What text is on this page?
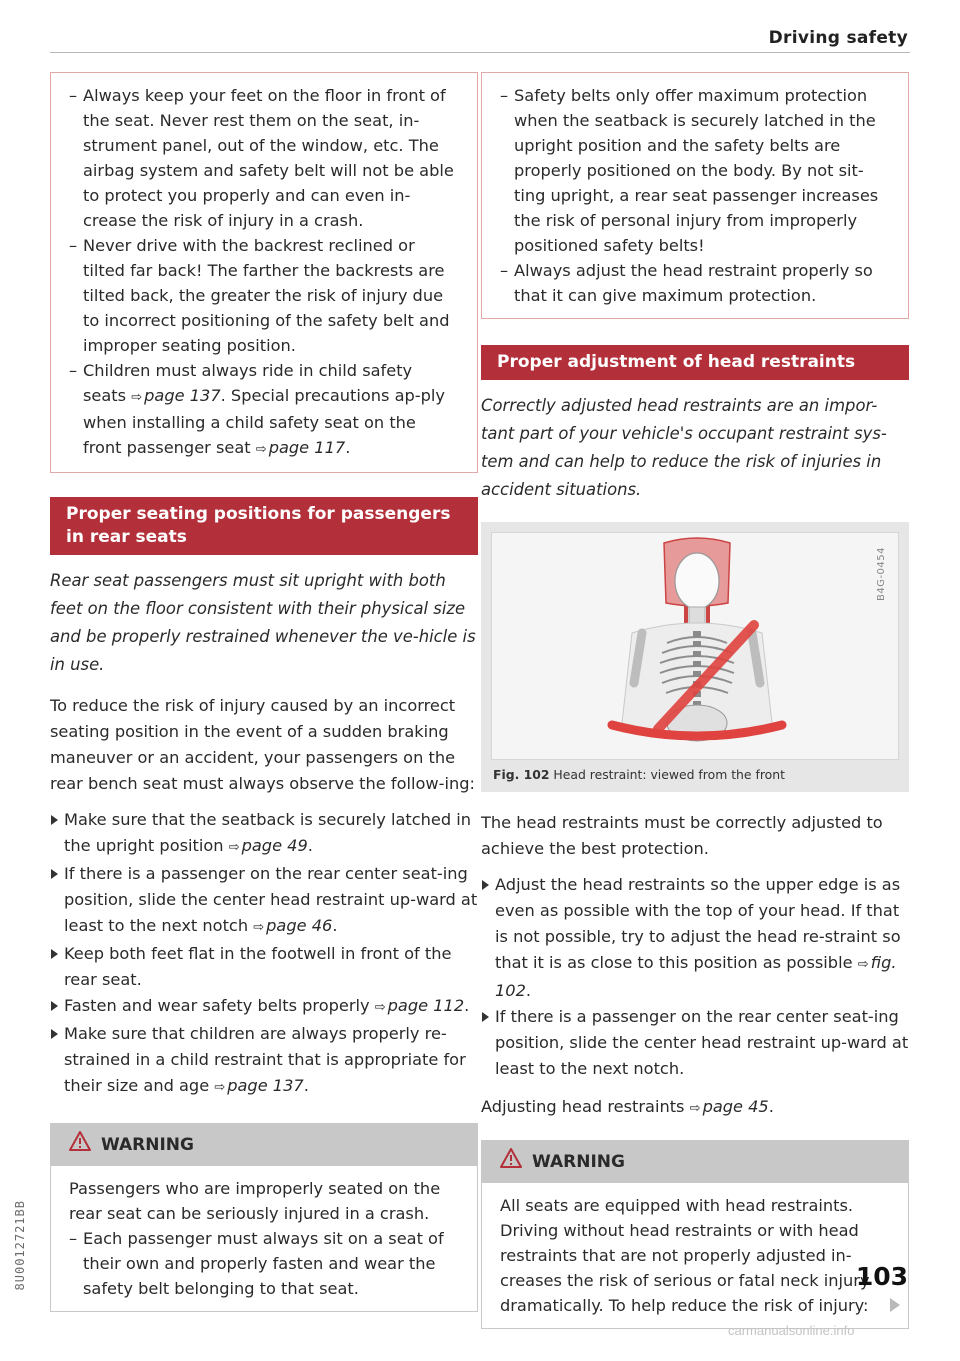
Driving safety
– Always keep your feet on the floor in front of the seat. Never rest them on the seat, in-strument panel, out of the window, etc. The airbag system and safety belt will not be able to protect you properly and can even in-crease the risk of injury in a crash.
– Never drive with the backrest reclined or tilted far back! The farther the backrests are tilted back, the greater the risk of injury due to incorrect positioning of the safety belt and improper seating position.
– Children must always ride in child safety seats ⇨ page 137. Special precautions ap-ply when installing a child safety seat on the front passenger seat ⇨ page 117.
Proper seating positions for passengers in rear seats

Rear seat passengers must sit upright with both feet on the floor consistent with their physical size and be properly restrained whenever the ve-hicle is in use.

To reduce the risk of injury caused by an incorrect seating position in the event of a sudden braking maneuver or an accident, your passengers on the rear bench seat must always observe the follow-ing:

Make sure that the seatback is securely latched in the upright position ⇨ page 49.
If there is a passenger on the rear center seat-ing position, slide the center head restraint up-ward at least to the next notch ⇨ page 46.
Keep both feet flat in the footwell in front of the rear seat.
Fasten and wear safety belts properly ⇨ page 112.
Make sure that children are always properly re-strained in a child restraint that is appropriate for their size and age ⇨ page 137.
WARNING

Passengers who are improperly seated on the rear seat can be seriously injured in a crash.

– Each passenger must always sit on a seat of their own and properly fasten and wear the safety belt belonging to that seat.
– Safety belts only offer maximum protection when the seatback is securely latched in the upright position and the safety belts are properly positioned on the body. By not sit-ting upright, a rear seat passenger increases the risk of personal injury from improperly positioned safety belts!
– Always adjust the head restraint properly so that it can give maximum protection.
Proper adjustment of head restraints

Correctly adjusted head restraints are an impor-tant part of your vehicle's occupant restraint sys-tem and can help to reduce the risk of injuries in accident situations.

B4G-0454

Fig. 102 Head restraint: viewed from the front

The head restraints must be correctly adjusted to achieve the best protection.

Adjust the head restraints so the upper edge is as even as possible with the top of your head. If that is not possible, try to adjust the head re-straint so that it is as close to this position as possible ⇨ fig. 102.
If there is a passenger on the rear center seat-ing position, slide the center head restraint up-ward at least to the next notch.

Adjusting head restraints ⇨ page 45.

WARNING

All seats are equipped with head restraints. Driving without head restraints or with head restraints that are not properly adjusted in-creases the risk of serious or fatal neck injury dramatically. To help reduce the risk of injury:

8U0012721BB	103
carmanualsonline.info
